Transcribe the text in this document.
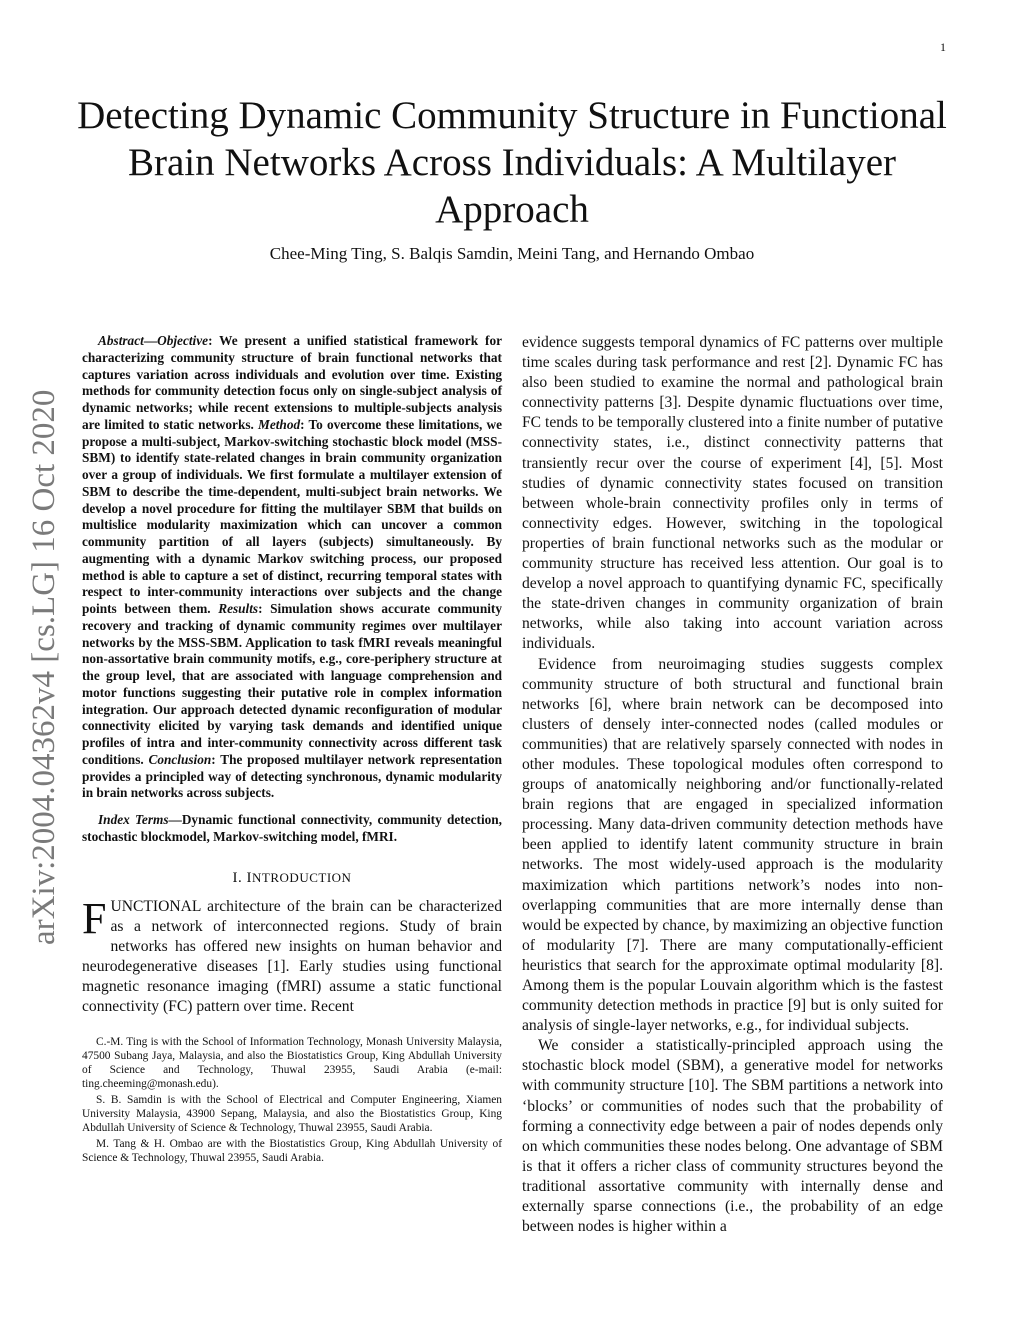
1
Detecting Dynamic Community Structure in Functional Brain Networks Across Individuals: A Multilayer Approach
Chee-Ming Ting, S. Balqis Samdin, Meini Tang, and Hernando Ombao
arXiv:2004.04362v4 [cs.LG] 16 Oct 2020

Abstract—Objective: We present a unified statistical framework for characterizing community structure of brain functional networks that captures variation across individuals and evolution over time. Existing methods for community detection focus only on single-subject analysis of dynamic networks; while recent extensions to multiple-subjects analysis are limited to static networks. Method: To overcome these limitations, we propose a multi-subject, Markov-switching stochastic block model (MSS-SBM) to identify state-related changes in brain community organization over a group of individuals. We first formulate a multilayer extension of SBM to describe the time-dependent, multi-subject brain networks. We develop a novel procedure for fitting the multilayer SBM that builds on multislice modularity maximization which can uncover a common community partition of all layers (subjects) simultaneously. By augmenting with a dynamic Markov switching process, our proposed method is able to capture a set of distinct, recurring temporal states with respect to inter-community interactions over subjects and the change points between them. Results: Simulation shows accurate community recovery and tracking of dynamic community regimes over multilayer networks by the MSS-SBM. Application to task fMRI reveals meaningful non-assortative brain community motifs, e.g., core-periphery structure at the group level, that are associated with language comprehension and motor functions suggesting their putative role in complex information integration. Our approach detected dynamic reconfiguration of modular connectivity elicited by varying task demands and identified unique profiles of intra and inter-community connectivity across different task conditions. Conclusion: The proposed multilayer network representation provides a principled way of detecting synchronous, dynamic modularity in brain networks across subjects.

Index Terms—Dynamic functional connectivity, community detection, stochastic blockmodel, Markov-switching model, fMRI.

I. INTRODUCTION

FUNCTIONAL architecture of the brain can be characterized as a network of interconnected regions. Study of brain networks has offered new insights on human behavior and neurodegenerative diseases [1]. Early studies using functional magnetic resonance imaging (fMRI) assume a static functional connectivity (FC) pattern over time. Recent

C.-M. Ting is with the School of Information Technology, Monash University Malaysia, 47500 Subang Jaya, Malaysia, and also the Biostatistics Group, King Abdullah University of Science and Technology, Thuwal 23955, Saudi Arabia (e-mail: ting.cheeming@monash.edu).

S. B. Samdin is with the School of Electrical and Computer Engineering, Xiamen University Malaysia, 43900 Sepang, Malaysia, and also the Biostatistics Group, King Abdullah University of Science & Technology, Thuwal 23955, Saudi Arabia.

M. Tang & H. Ombao are with the Biostatistics Group, King Abdullah University of Science & Technology, Thuwal 23955, Saudi Arabia.

evidence suggests temporal dynamics of FC patterns over multiple time scales during task performance and rest [2]. Dynamic FC has also been studied to examine the normal and pathological brain connectivity patterns [3]. Despite dynamic fluctuations over time, FC tends to be temporally clustered into a finite number of putative connectivity states, i.e., distinct connectivity patterns that transiently recur over the course of experiment [4], [5]. Most studies of dynamic connectivity states focused on transition between whole-brain connectivity profiles only in terms of connectivity edges. However, switching in the topological properties of brain functional networks such as the modular or community structure has received less attention. Our goal is to develop a novel approach to quantifying dynamic FC, specifically the state-driven changes in community organization of brain networks, while also taking into account variation across individuals.

Evidence from neuroimaging studies suggests complex community structure of both structural and functional brain networks [6], where brain network can be decomposed into clusters of densely inter-connected nodes (called modules or communities) that are relatively sparsely connected with nodes in other modules. These topological modules often correspond to groups of anatomically neighboring and/or functionally-related brain regions that are engaged in specialized information processing. Many data-driven community detection methods have been applied to identify latent community structure in brain networks. The most widely-used approach is the modularity maximization which partitions network’s nodes into non-overlapping communities that are more internally dense than would be expected by chance, by maximizing an objective function of modularity [7]. There are many computationally-efficient heuristics that search for the approximate optimal modularity [8]. Among them is the popular Louvain algorithm which is the fastest community detection methods in practice [9] but is only suited for analysis of single-layer networks, e.g., for individual subjects.

We consider a statistically-principled approach using the stochastic block model (SBM), a generative model for networks with community structure [10]. The SBM partitions a network into ‘blocks’ or communities of nodes such that the probability of forming a connectivity edge between a pair of nodes depends only on which communities these nodes belong. One advantage of SBM is that it offers a richer class of community structures beyond the traditional assortative community with internally dense and externally sparse connections (i.e., the probability of an edge between nodes is higher within a
